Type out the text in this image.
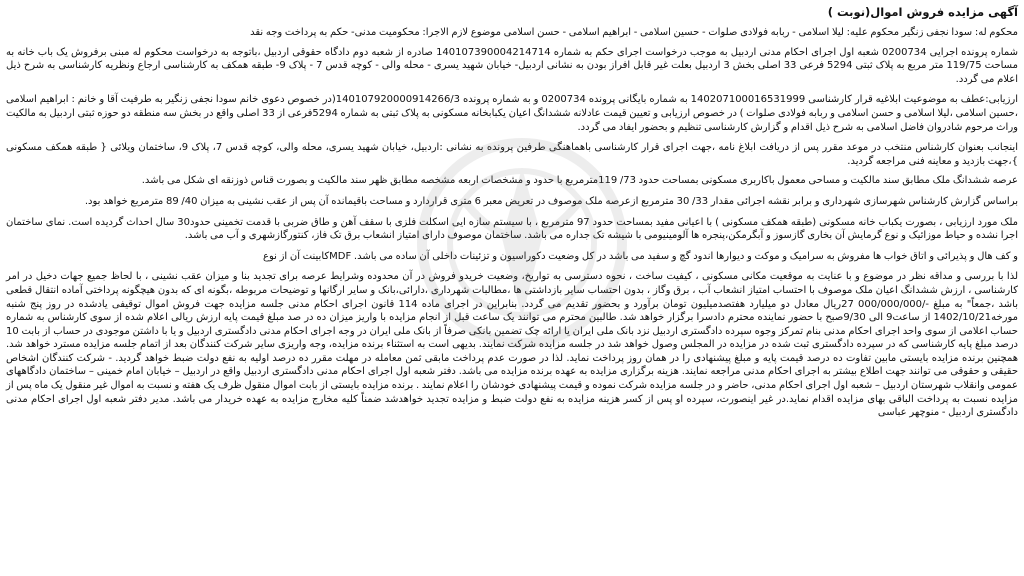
آگهی مزایده فروش اموال(نوبت )

محکوم له: سودا نجفی زنگیر محکوم علیه: لیلا اسلامی - ربابه فولادی صلوات - حسین اسلامی - ابراهیم اسلامی - حسن اسلامی موضوع لازم الاجرا: محکومیت مدنی- حکم به پرداخت وجه نقد

شماره پرونده اجرایی 0200734 شعبه اول اجرای احکام مدنی اردبیل به موجب درخواست اجرای حکم به شماره 140107390004214714 صادره از شعبه دوم دادگاه حقوقی اردبیل ،باتوجه به درخواست محکوم له مبنی برفروش یک باب خانه به مساحت 119/75 متر مربع به پلاک ثبتی 5294 فرعی 33 اصلی بخش 3 اردبیل بعلت غیر قابل افراز بودن به نشانی اردبیل- خیابان شهید یسری - محله والی - کوچه قدس 7 - پلاک 9- طبقه همکف به کارشناسی ارجاع ونظریه کارشناسی به شرح ذیل اعلام می گردد.

ارزیابی:عطف به موضوعیت ابلاغیه قرار کارشناسی 140207100016531999 به شماره بایگانی پرونده 0200734 و به شماره پرونده 140107920000914266/3(در خصوص دعوی خانم سودا نجفی زنگیر به طرفیت آقا و خانم : ابراهیم اسلامی ،حسین اسلامی ،لیلا اسلامی و حسن اسلامی و ربابه فولادی صلوات ) در خصوص ارزیابی و تعیین قیمت عادلانه ششدانگ اعیان یکبابخانه مسکونی به پلاک ثبتی به شماره 5294فرعی از 33 اصلی واقع در بخش سه منطقه دو حوزه ثبتی اردبیل به مالکیت وراث مرحوم شادروان فاضل اسلامی به شرح ذیل اقدام و گزارش کارشناسی تنظیم و بحضور ایفاد می گردد.

اینجانب بعنوان کارشناس منتخب در موعد مقرر پس از دریافت ابلاغ نامه ،جهت اجرای قرار کارشناسی باهماهنگی طرفین پرونده به نشانی :اردبیل، خیابان شهید یسری، محله والی، کوچه قدس 7، پلاک 9، ساختمان ویلائی { طبقه همکف مسکونی }،جهت بازدید و معاینه فنی مراجعه گردید.

عرصه ششدانگ ملک مطابق سند مالکیت و مساحی معمول باکاربری مسکونی بمساحت حدود 73/ 119مترمربع با حدود و مشخصات اربعه مشخصه مطابق ظهر سند مالکیت و بصورت قناس ذوزنقه ای شکل می باشد.

براساس گزارش کارشناس شهرسازی شهرداری و برابر نقشه اجرائی مقدار 33/ 30 مترمربع ازعرصه ملک موصوف در تعریض معبر 6 متری قراردارد و مساحت باقیمانده آن پس از عقب نشینی به میزان 40/ 89 مترمربع خواهد بود.

ملک مورد ارزیابی ، بصورت یکباب خانه مسکونی (طبقه همکف مسکونی ) با اعیانی مفید بمساحت حدود 97 مترمربع ، با سیستم سازه ایی اسکلت فلزی با سقف آهن و طاق ضربی با قدمت تخمینی حدود30 سال احداث گردیده است. نمای ساختمان اجرا نشده و حیاط موزائیک و نوع گرمایش آن بخاری گازسوز و آبگرمکن،پنجره ها آلومینیومی با شیشه تک جداره می باشد. ساختمان موصوف دارای امتیاز انشعاب برق تک فاز، کنتورگازشهری و آب می باشد.

و کف هال و پذیرائی و اتاق خواب ها مفروش به سرامیک و موکت و دیوارها اندود گچ و سفید می باشد در کل وضعیت دکوراسیون و تزئینات داخلی آن ساده می باشد. MDFکابینت آن از نوع

لذا با بررسی و مداقه نظر در موضوع و با عنایت به موقعیت مکانی مسکونی ، کیفیت ساخت ، نحوه دسترسی به تواریخ، وضعیت خریدو فروش در آن محدوده وشرایط عرصه برای تجدید بنا و میزان عقب نشینی ، با لحاظ جمیع جهات دخیل در امر کارشناسی ، ارزش ششدانگ اعیان ملک موصوف با احتساب امتیاز انشعاب آب ، برق وگاز ، بدون احتساب سایر بازداشتی ها ،مطالبات شهرداری ،دارائی،بانک و سایر ارگانها و توضیحات مربوطه ،بگونه ای که بدون هیچگونه پرداختی آماده انتقال قطعی باشد ،جمعاً" به مبلغ -/000/000/000 27ریال معادل دو میلیارد هفتصدمیلیون تومان برآورد و بحضور تقدیم می گردد. بنابراین در اجرای ماده 114 قانون اجرای احکام مدنی جلسه مزایده جهت فروش اموال توقیفی یادشده در روز پنج شنبه مورخه1402/10/21 از ساعت9 الی 9/30صبح با حضور نماینده محترم دادسرا برگزار خواهد شد. طالبین محترم می توانند یک ساعت قبل از انجام مزایده با واریز میزان ده در صد مبلغ قیمت پایه ارزش ریالی اعلام شده از سوی کارشناس به شماره حساب اعلامی از سوی واحد اجرای احکام مدنی بنام تمرکز وجوه سپرده دادگستری اردبیل نزد بانک ملی ایران یا ارائه چک تضمین بانکی صرفاً از بانک ملی ایران در وجه اجرای احکام مدنی دادگستری اردبیل و یا با داشتن موجودی در حساب از بابت 10 درصد مبلغ پایه کارشناسی که در سپرده دادگستری ثبت شده در مزایده در المجلس وصول خواهد شد در جلسه مزایده شرکت نمایند. بدیهی است به استثناء برنده مزایده، وجه واریزی سایر شرکت کنندگان بعد از اتمام جلسه مزایده مسترد خواهد شد. همچنین برنده مزایده بایستی مابین تفاوت ده درصد قیمت پایه و مبلغ پیشنهادی را در همان روز پرداخت نماید. لذا در صورت عدم پرداخت مابقی ثمن معامله در مهلت مقرر ده درصد اولیه به نفع دولت ضبط خواهد گردید. - شرکت کنندگان اشخاص حقیقی و حقوقی می توانند جهت اطلاع بیشتر به اجرای احکام مدنی مراجعه نمایند. هزینه برگزاری مزایده به عهده برنده مزایده می باشد. دفتر شعبه اول اجرای احکام مدنی دادگستری اردبیل واقع در اردبیل – خیابان امام خمینی – ساختمان دادگاههای عمومی وانقلاب شهرستان اردبیل – شعبه اول اجرای احکام مدنی، حاضر و در جلسه مزایده شرکت نموده و قیمت پیشنهادی خودشان را اعلام نمایند . برنده مزایده بایستی از بابت اموال منقول ظرف یک هفته و نسبت به اموال غیر منقول یک ماه پس از مزایده نسبت به پرداخت الباقی بهای مزایده اقدام نماید.در غیر اینصورت، سپرده او پس از کسر هزینه مزایده به نفع دولت ضبط و مزایده تجدید خواهدشد ضمناً کلیه مخارج مزایده به عهده خریدار می باشد. مدیر دفتر شعبه اول اجرای احکام مدنی دادگستری اردبیل - منوچهر عباسی
